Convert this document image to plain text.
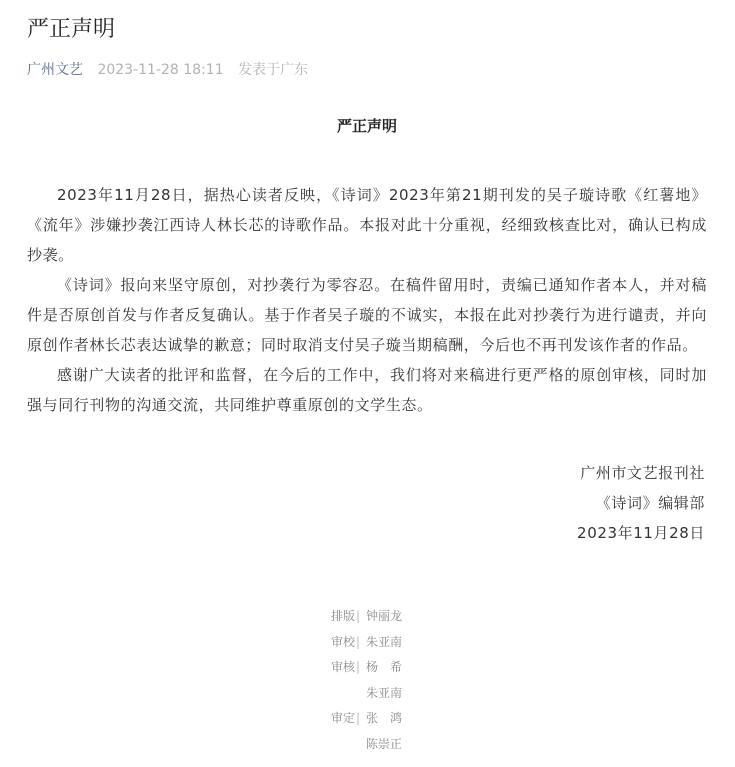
严正声明
广州文艺 2023-11-28 18:11 发表于广东
严正声明

2023年11月28日，据热心读者反映，《诗词》2023年第21期刊发的吴子璇诗歌《红薯地》《流年》涉嫌抄袭江西诗人林长芯的诗歌作品。本报对此十分重视，经细致核查比对，确认已构成抄袭。

《诗词》报向来坚守原创，对抄袭行为零容忍。在稿件留用时，责编已通知作者本人，并对稿件是否原创首发与作者反复确认。基于作者吴子璇的不诚实，本报在此对抄袭行为进行谴责，并向原创作者林长芯表达诚挚的歉意；同时取消支付吴子璇当期稿酬，今后也不再刊发该作者的作品。

感谢广大读者的批评和监督，在今后的工作中，我们将对来稿进行更严格的原创审核，同时加强与同行刊物的沟通交流，共同维护尊重原创的文学生态。

广州市文艺报刊社
《诗词》编辑部
2023年11月28日
排版 | 钟丽龙
审校 | 朱亚南
审核 | 杨　希
朱亚南
审定 | 张　鸿
陈崇正
